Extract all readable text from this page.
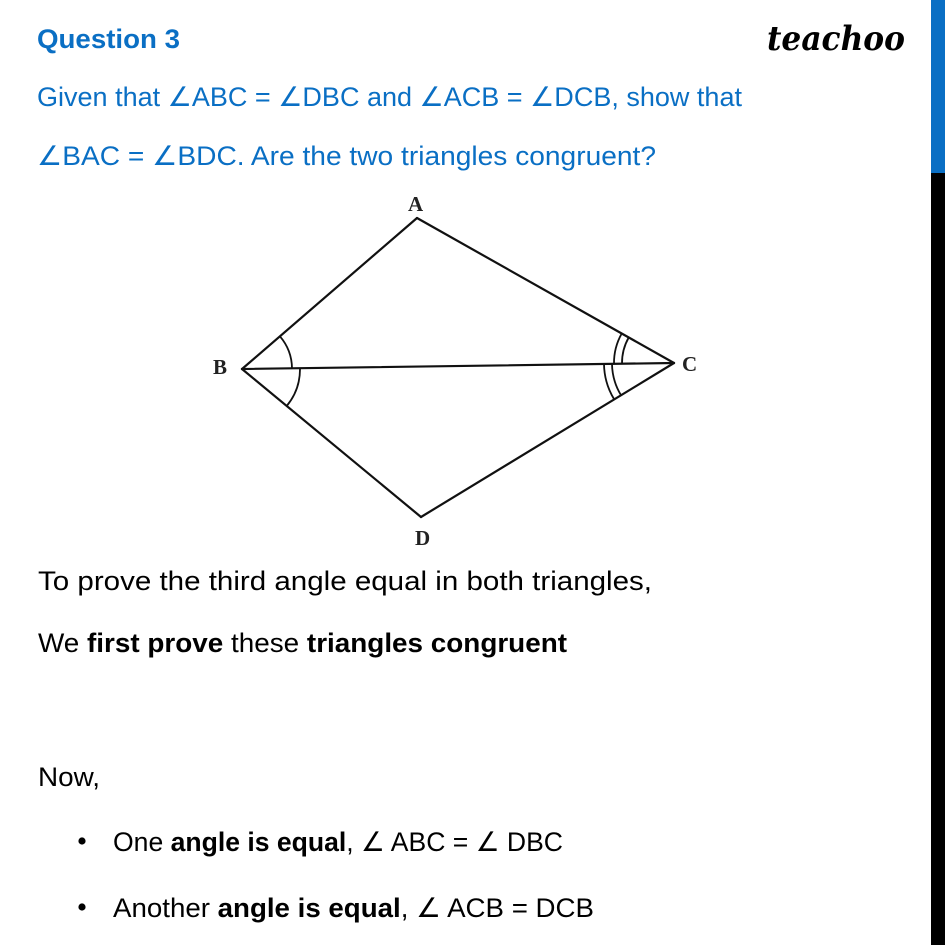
teachoo
Question 3
Given that ∠ABC = ∠DBC and ∠ACB = ∠DCB, show that
∠BAC = ∠BDC. Are the two triangles congruent?
A
B	C
D
To prove the third angle equal in both triangles,
We first prove these triangles congruent
Now,
One angle is equal, ∠ ABC = ∠ DBC
Another angle is equal , ∠ ACB = DCB
